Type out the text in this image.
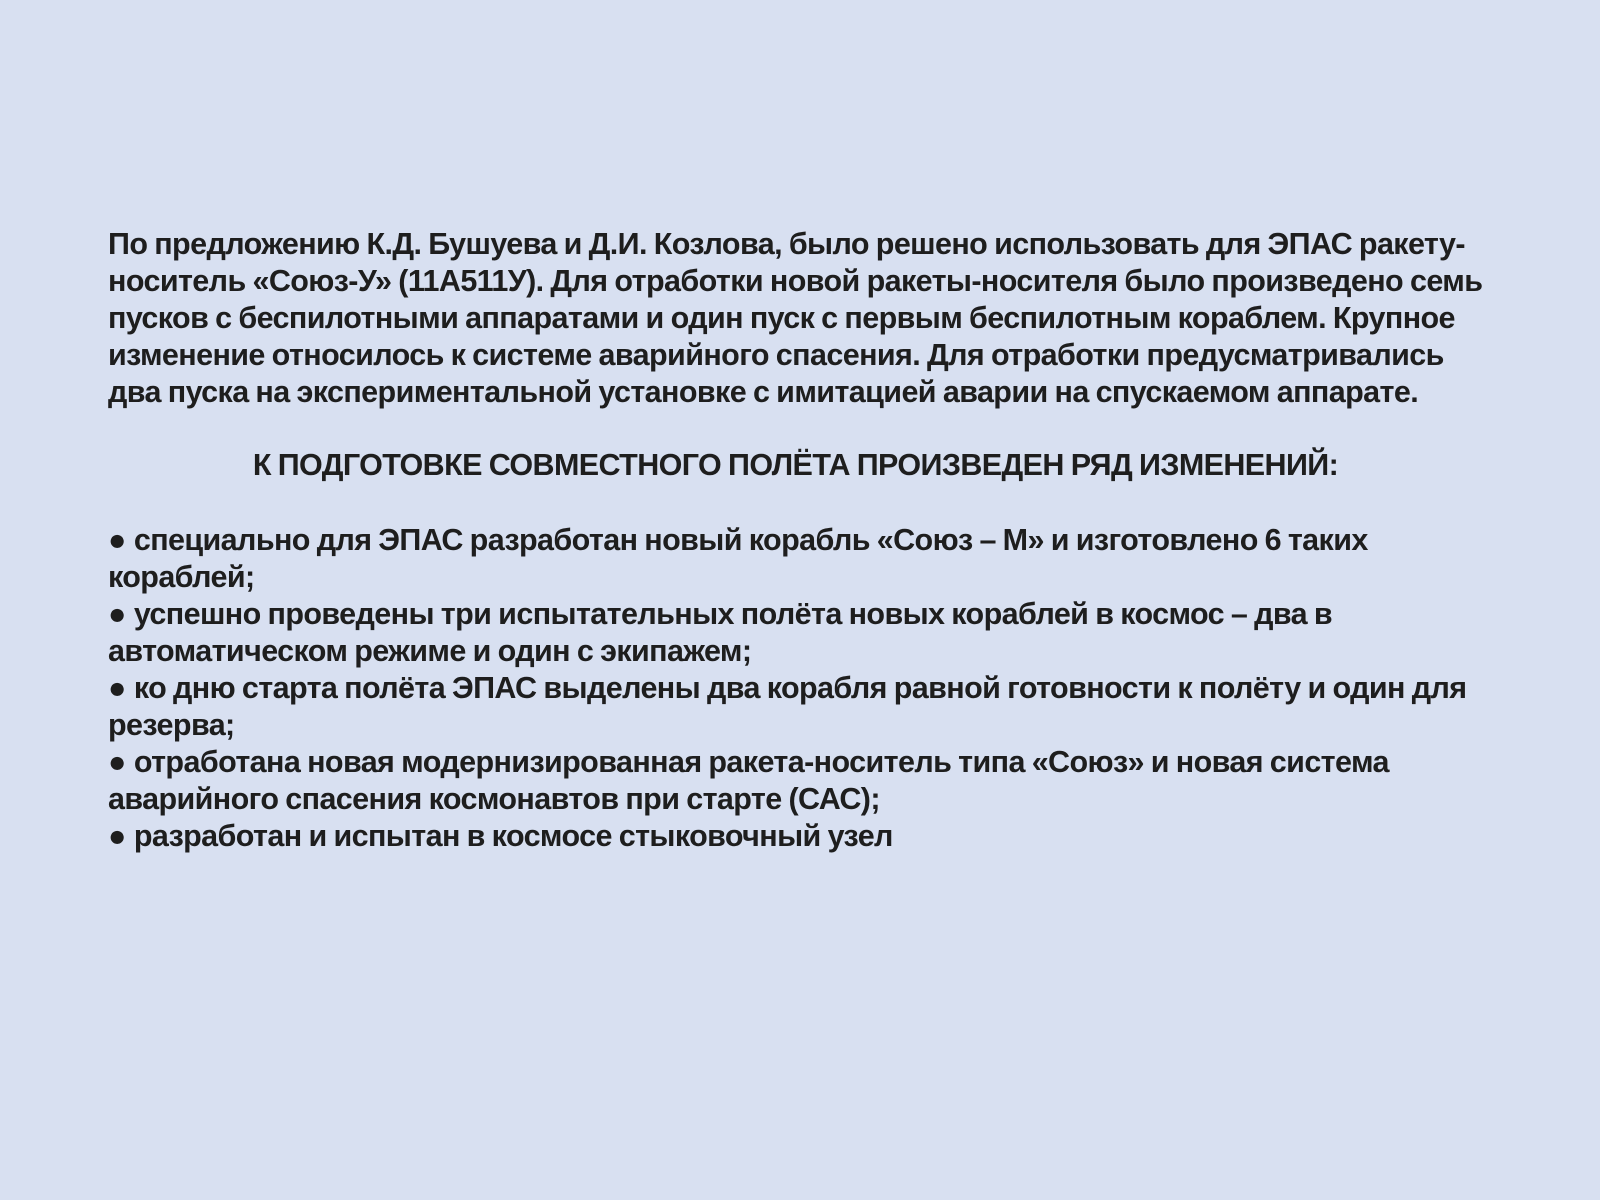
По предложению К.Д. Бушуева и Д.И. Козлова, было решено использовать для ЭПАС ракету-носитель «Союз-У» (11А511У). Для отработки новой ракеты-носителя было произведено семь пусков с беспилотными аппаратами и один пуск с первым беспилотным кораблем. Крупное изменение относилось к системе аварийного спасения. Для отработки предусматривались два пуска на экспериментальной установке с имитацией аварии на спускаемом аппарате.

К ПОДГОТОВКЕ СОВМЕСТНОГО ПОЛЁТА ПРОИЗВЕДЕН РЯД ИЗМЕНЕНИЙ:

● специально для ЭПАС разработан новый корабль «Союз – М» и изготовлено 6 таких кораблей;
● успешно проведены три испытательных полёта новых кораблей в космос – два в автоматическом режиме и один с экипажем;
● ко дню старта полёта ЭПАС выделены два корабля равной готовности к полёту и один для резерва;
● отработана новая модернизированная ракета-носитель типа «Союз» и новая система аварийного спасения космонавтов при старте (САС);
● разработан и испытан в космосе стыковочный узел
